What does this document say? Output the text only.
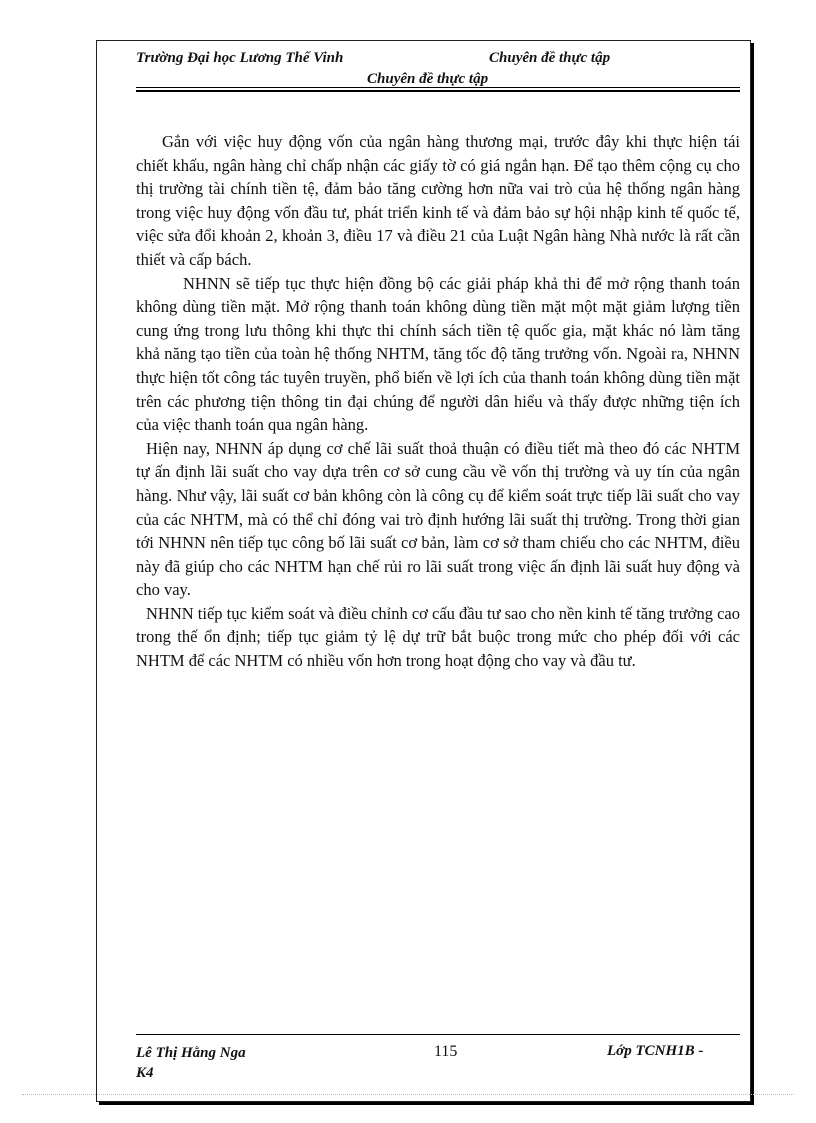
Trường Đại học Lương Thế Vinh	Chuyên đề thực tập
Chuyên đề thực tập

Gắn với việc huy động vốn của ngân hàng thương mại, trước đây khi thực hiện tái chiết khấu, ngân hàng chỉ chấp nhận các giấy tờ có giá ngắn hạn. Để tạo thêm cộng cụ cho thị trường tài chính tiền tệ, đảm bảo tăng cường hơn nữa vai trò của hệ thống ngân hàng trong việc huy động vốn đầu tư, phát triển kinh tế và đảm bảo sự hội nhập kinh tế quốc tế, việc sửa đổi khoản 2, khoản 3, điều 17 và điều 21 của Luật Ngân hàng Nhà nước là rất cần thiết và cấp bách.

NHNN sẽ tiếp tục thực hiện đồng bộ các giải pháp khả thi để mở rộng thanh toán không dùng tiền mặt. Mở rộng thanh toán không dùng tiền mặt một mặt giảm lượng tiền cung ứng trong lưu thông khi thực thi chính sách tiền tệ quốc gia, mặt khác nó làm tăng khả năng tạo tiền của toàn hệ thống NHTM, tăng tốc độ tăng trưởng vốn. Ngoài ra, NHNN thực hiện tốt công tác tuyên truyền, phổ biến về lợi ích của thanh toán không dùng tiền mặt trên các phương tiện thông tin đại chúng để người dân hiểu và thấy được những tiện ích của việc thanh toán qua ngân hàng.

Hiện nay, NHNN áp dụng cơ chế lãi suất thoả thuận có điều tiết mà theo đó các NHTM tự ấn định lãi suất cho vay dựa trên cơ sở cung cầu về vốn thị trường và uy tín của ngân hàng. Như vậy, lãi suất cơ bản không còn là công cụ để kiểm soát trực tiếp lãi suất cho vay của các NHTM, mà có thể chỉ đóng vai trò định hướng lãi suất thị trường. Trong thời gian tới NHNN nên tiếp tục công bố lãi suất cơ bản, làm cơ sở tham chiếu cho các NHTM, điều này đã giúp cho các NHTM hạn chế rủi ro lãi suất trong việc ấn định lãi suất huy động và cho vay.

NHNN tiếp tục kiểm soát và điều chỉnh cơ cấu đầu tư sao cho nền kinh tế tăng trưởng cao trong thế ổn định; tiếp tục giảm tỷ lệ dự trữ bắt buộc trong mức cho phép đối với các NHTM để các NHTM có nhiều vốn hơn trong hoạt động cho vay và đầu tư.

Lê Thị Hằng Nga
K4
115	Lớp TCNH1B -
